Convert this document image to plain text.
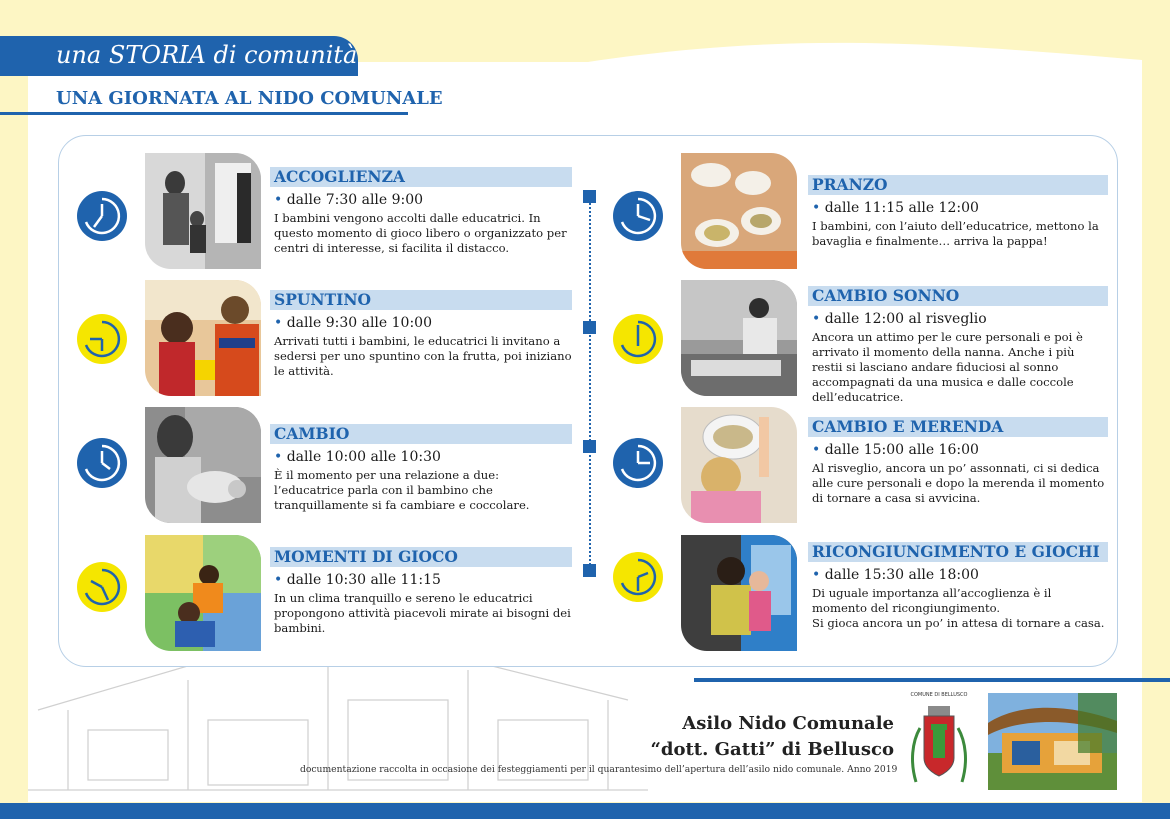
una STORIA di comunità
UNA GIORNATA AL NIDO COMUNALE
ACCOGLIENZA
• dalle 7:30 alle 9:00
I bambini vengono accolti dalle educatrici. In questo momento di gioco libero o organizzato per centri di interesse, si facilita il distacco.
SPUNTINO
• dalle 9:30 alle 10:00
Arrivati tutti i bambini, le educatrici li invitano a sedersi per uno spuntino con la frutta, poi iniziano le attività.
CAMBIO
• dalle 10:00 alle 10:30
È il momento per una relazione a due: l’educatrice parla con il bambino che tranquillamente si fa cambiare e coccolare.
MOMENTI DI GIOCO
• dalle 10:30 alle 11:15
In un clima tranquillo e sereno le educatrici propongono attività piacevoli mirate ai bisogni dei bambini.
PRANZO
• dalle 11:15 alle 12:00
I bambini, con l’aiuto dell’educatrice, mettono la bavaglia e finalmente… arriva la pappa!
CAMBIO SONNO
• dalle 12:00 al risveglio
Ancora un attimo per le cure personali e poi è arrivato il momento della nanna. Anche i più restii si lasciano andare fiduciosi al sonno accompagnati da una musica e dalle coccole dell’educatrice.
CAMBIO E MERENDA
• dalle 15:00 alle 16:00
Al risveglio, ancora un po’ assonnati, ci si dedica alle cure personali e dopo la merenda il momento di tornare a casa si avvicina.
RICONGIUNGIMENTO E GIOCHI
• dalle 15:30 alle 18:00
Di uguale importanza all’accoglienza è il momento del ricongiungimento.
Si gioca ancora un po’ in attesa di tornare a casa.
Asilo Nido Comunale
“dott. Gatti” di Bellusco
documentazione raccolta in occasione dei festeggiamenti per il quarantesimo dell’apertura dell’asilo nido comunale. Anno 2019
COMUNE DI BELLUSCO
